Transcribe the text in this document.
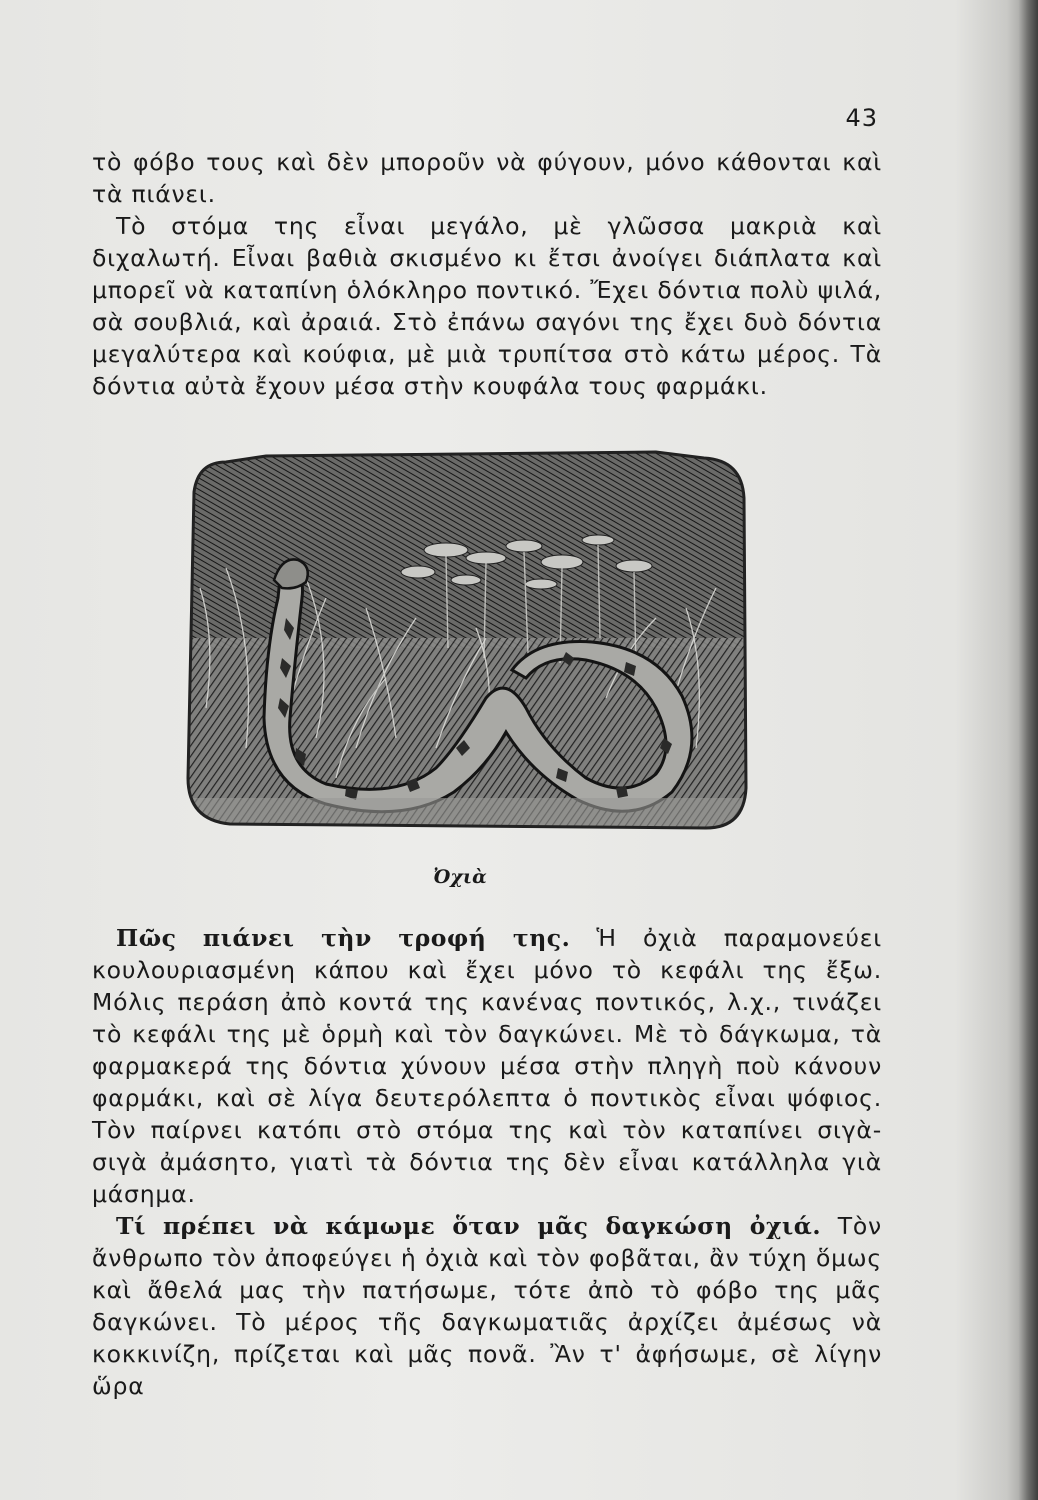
43

τὸ φόβο τους καὶ δὲν μποροῦν νὰ φύγουν, μόνο κάθονται καὶ τὰ πιάνει.

Τὸ στόμα της εἶναι μεγάλο, μὲ γλῶσσα μακριὰ καὶ διχαλωτή. Εἶναι βαθιὰ σκισμένο κι ἔτσι ἀνοίγει διάπλατα καὶ μπορεῖ νὰ καταπίνη ὁλόκληρο ποντικό. Ἔχει δόντια πολὺ ψιλά, σὰ σουβλιά, καὶ ἀραιά. Στὸ ἐπάνω σαγόνι της ἔχει δυὸ δόντια μεγαλύτερα καὶ κούφια, μὲ μιὰ τρυπίτσα στὸ κάτω μέρος. Τὰ δόντια αὐτὰ ἔχουν μέσα στὴν κουφάλα τους φαρμάκι.

Ὀχιὰ

Πῶς πιάνει τὴν τροφή της. Ἡ ὀχιὰ παραμονεύει κουλουριασμένη κάπου καὶ ἔχει μόνο τὸ κεφάλι της ἔξω. Μόλις περάση ἀπὸ κοντά της κανένας ποντικός, λ.χ., τινάζει τὸ κεφάλι της μὲ ὁρμὴ καὶ τὸν δαγκώνει. Μὲ τὸ δάγκωμα, τὰ φαρμακερά της δόντια χύνουν μέσα στὴν πληγὴ ποὺ κάνουν φαρμάκι, καὶ σὲ λίγα δευτερόλεπτα ὁ ποντικὸς εἶναι ψόφιος. Τὸν παίρνει κατόπι στὸ στόμα της καὶ τὸν καταπίνει σιγὰ-σιγὰ ἀμάσητο, γιατὶ τὰ δόντια της δὲν εἶναι κατάλληλα γιὰ μάσημα.

Τί πρέπει νὰ κάμωμε ὅταν μᾶς δαγκώση ὀχιά. Τὸν ἄνθρωπο τὸν ἀποφεύγει ἡ ὀχιὰ καὶ τὸν φοβᾶται, ἂν τύχη ὅμως καὶ ἄθελά μας τὴν πατήσωμε, τότε ἀπὸ τὸ φόβο της μᾶς δαγκώνει. Τὸ μέρος τῆς δαγκωματιᾶς ἀρχίζει ἀμέσως νὰ κοκκινίζη, πρίζεται καὶ μᾶς πονᾶ. Ἂν τ' ἀφήσωμε, σὲ λίγην ὥρα
